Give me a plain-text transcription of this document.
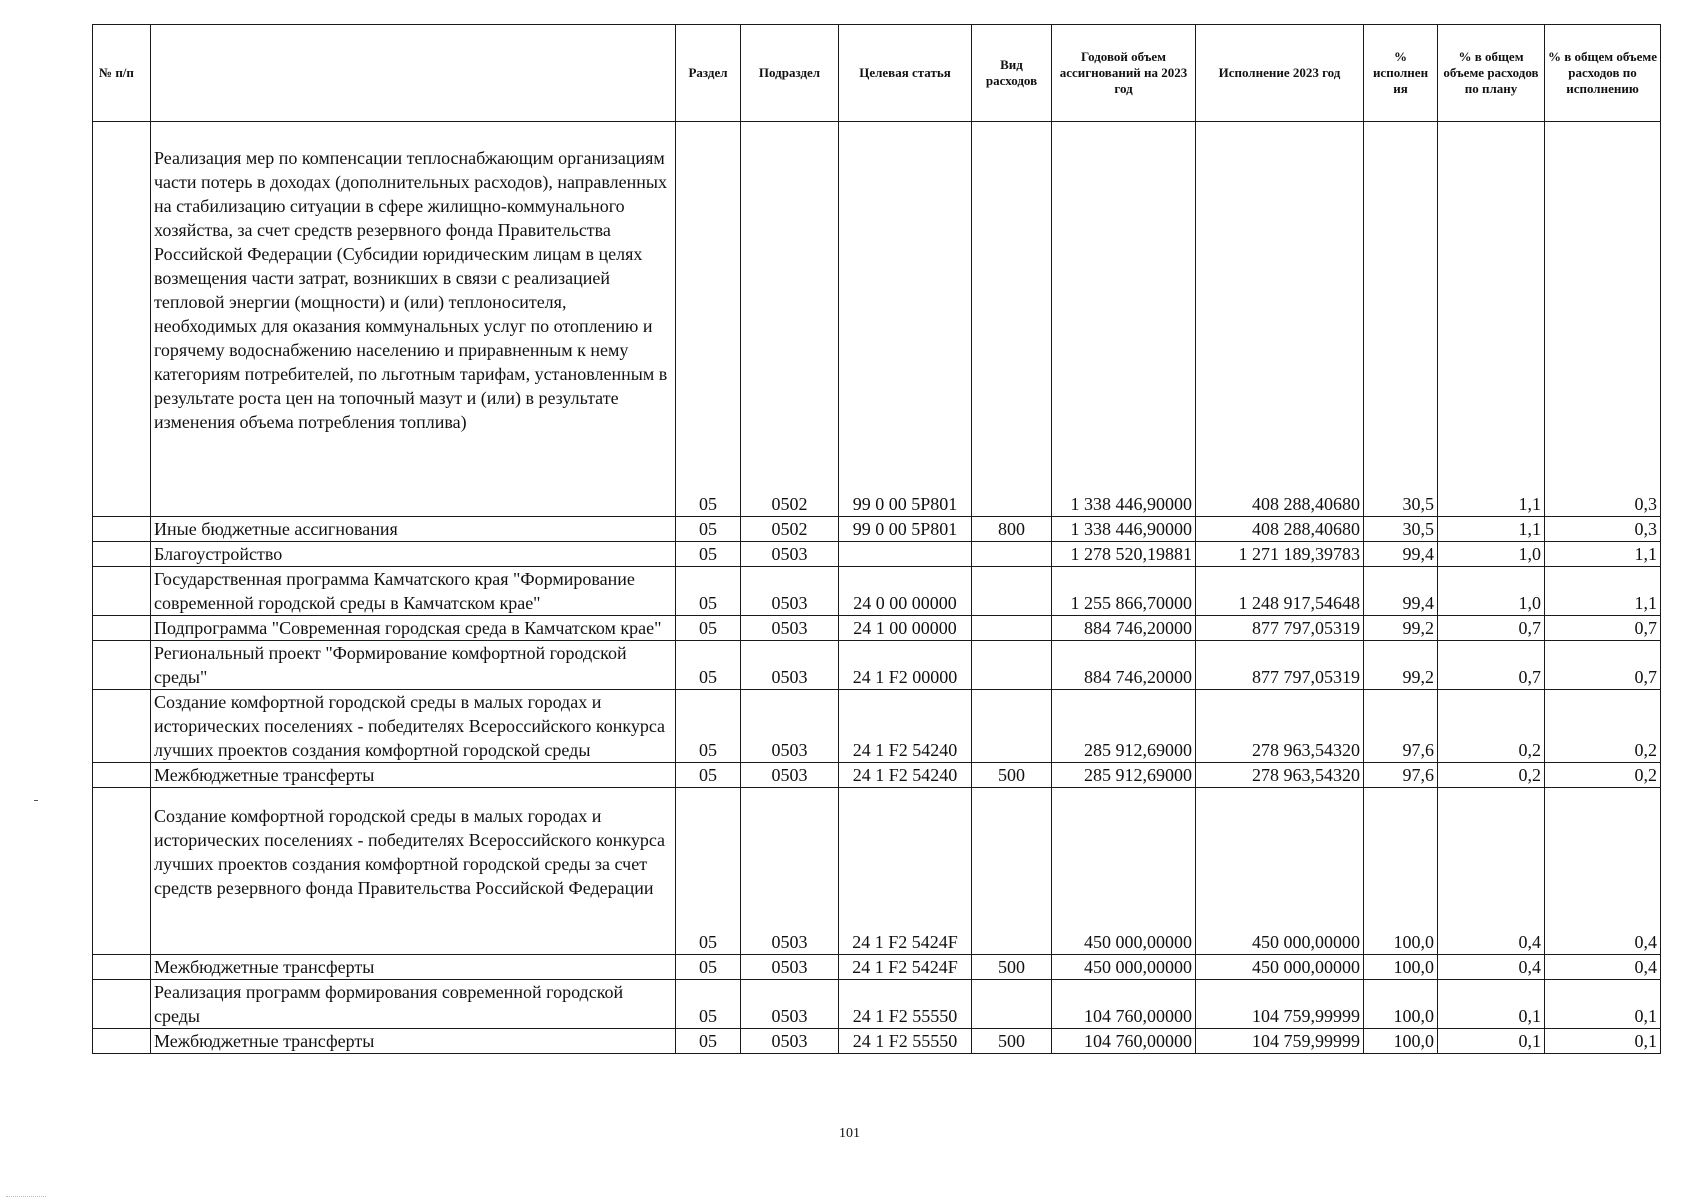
№ п/п		Раздел	Подраздел	Целевая статья	Вид расходов	Годовой объем ассигнований на 2023 год	Исполнение 2023 год	% исполнен ия	% в общем объеме расходов по плану	% в общем объеме расходов по исполнению
	Реализация мер по компенсации теплоснабжающим организациям части потерь в доходах (дополнительных расходов), направленных на стабилизацию ситуации в сфере жилищно-коммунального хозяйства, за счет средств резервного фонда Правительства Российской Федерации (Субсидии юридическим лицам в целях возмещения части затрат, возникших в связи с реализацией тепловой энергии (мощности) и (или) теплоносителя, необходимых для оказания коммунальных услуг по отоплению и горячему водоснабжению населению и приравненным к нему категориям потребителей, по льготным тарифам, установленным в результате роста цен на топочный мазут и (или) в результате изменения объема потребления топлива)	05	0502	99 0 00 5Р801		1 338 446,90000	408 288,40680	30,5	1,1	0,3
	Иные бюджетные ассигнования	05	0502	99 0 00 5Р801	800	1 338 446,90000	408 288,40680	30,5	1,1	0,3
	Благоустройство	05	0503			1 278 520,19881	1 271 189,39783	99,4	1,0	1,1
	Государственная программа Камчатского края "Формирование современной городской среды в Камчатском крае"	05	0503	24 0 00 00000		1 255 866,70000	1 248 917,54648	99,4	1,0	1,1
	Подпрограмма "Современная городская среда в Камчатском крае"	05	0503	24 1 00 00000		884 746,20000	877 797,05319	99,2	0,7	0,7
	Региональный проект "Формирование комфортной городской среды"	05	0503	24 1 F2 00000		884 746,20000	877 797,05319	99,2	0,7	0,7
	Создание комфортной городской среды в малых городах и исторических поселениях - победителях Всероссийского конкурса лучших проектов создания комфортной городской среды	05	0503	24 1 F2 54240		285 912,69000	278 963,54320	97,6	0,2	0,2
	Межбюджетные трансферты	05	0503	24 1 F2 54240	500	285 912,69000	278 963,54320	97,6	0,2	0,2
	Создание комфортной городской среды в малых городах и исторических поселениях - победителях Всероссийского конкурса лучших проектов создания комфортной городской среды за счет средств резервного фонда Правительства Российской Федерации	05	0503	24 1 F2 5424F		450 000,00000	450 000,00000	100,0	0,4	0,4
	Межбюджетные трансферты	05	0503	24 1 F2 5424F	500	450 000,00000	450 000,00000	100,0	0,4	0,4
	Реализация программ формирования современной городской среды	05	0503	24 1 F2 55550		104 760,00000	104 759,99999	100,0	0,1	0,1
	Межбюджетные трансферты	05	0503	24 1 F2 55550	500	104 760,00000	104 759,99999	100,0	0,1	0,1
101
